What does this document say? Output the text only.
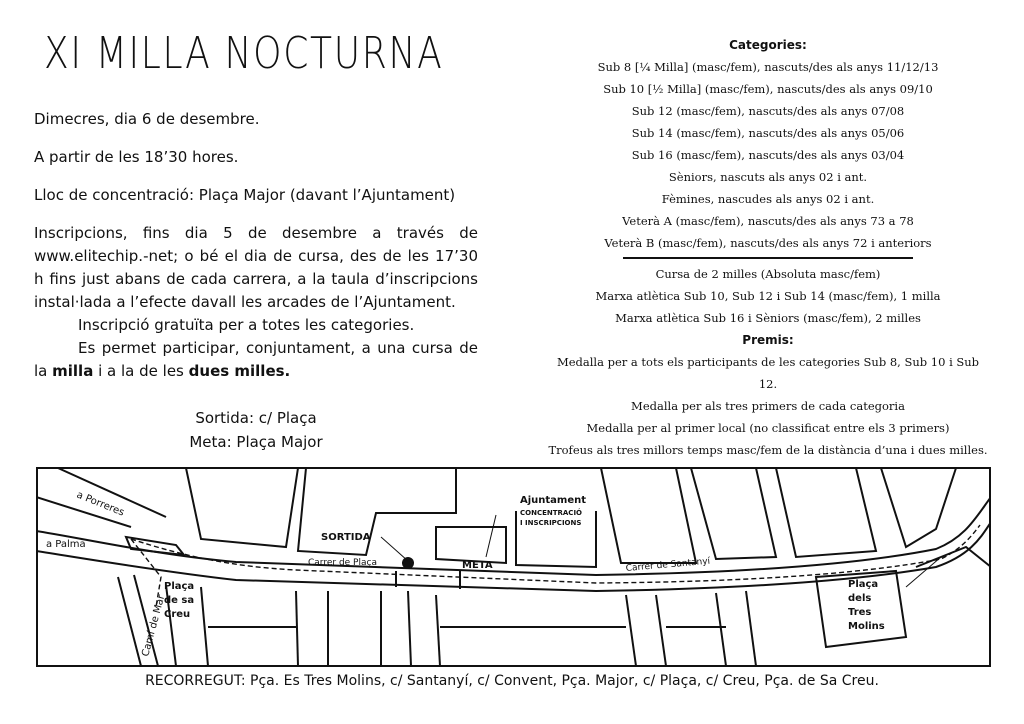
XI MILLA NOCTURNA

Dimecres, dia 6 de desembre.

A partir de les 18’30 hores.

Lloc de concentració: Plaça Major (davant l’Ajuntament)

Inscripcions, fins dia 5 de desembre a través de www.elitechip.-net; o bé el dia de cursa, des de les 17’30 h fins just abans de cada carrera, a la taula d’inscripcions instal·lada a l’efecte davall les arcades de l’Ajuntament.

Inscripció gratuïta per a totes les categories.

Es permet participar, conjuntament, a una cursa de la milla i a la de les dues milles.

Sortida: c/ Plaça
Meta: Plaça Major
Categories:
Sub 8 [¼ Milla] (masc/fem), nascuts/des als anys 11/12/13
Sub 10 [½ Milla] (masc/fem), nascuts/des als anys 09/10
Sub 12 (masc/fem), nascuts/des als anys 07/08
Sub 14 (masc/fem), nascuts/des als anys 05/06
Sub 16 (masc/fem), nascuts/des als anys 03/04
Sèniors, nascuts als anys 02 i ant.
Fèmines, nascudes als anys 02 i ant.
Veterà A (masc/fem), nascuts/des als anys 73 a 78
Veterà B (masc/fem), nascuts/des als anys 72 i anteriors
Cursa de 2 milles (Absoluta masc/fem)
Marxa atlètica Sub 10, Sub 12 i Sub 14 (masc/fem), 1 milla
Marxa atlètica Sub 16 i Sèniors (masc/fem), 2 milles
Premis:
Medalla per a tots els participants de les categories Sub 8, Sub 10 i Sub 12.
Medalla per als tres primers de cada categoria
Medalla per al primer local (no classificat entre els 3 primers)
Trofeus als tres millors temps masc/fem de la distància d’una i dues milles.
a Porreres
a Palma
Camí de Mar
Plaça
de sa
Creu
SORTIDA
Carrer de Plaça	META
Ajuntament
CONCENTRACIÓ
I INSCRIPCIONS
Carrer de Santanyí
Plaça
dels
Tres
Molins
RECORREGUT: Pça. Es Tres Molins, c/ Santanyí, c/ Convent, Pça. Major, c/ Plaça, c/ Creu, Pça. de Sa Creu.
